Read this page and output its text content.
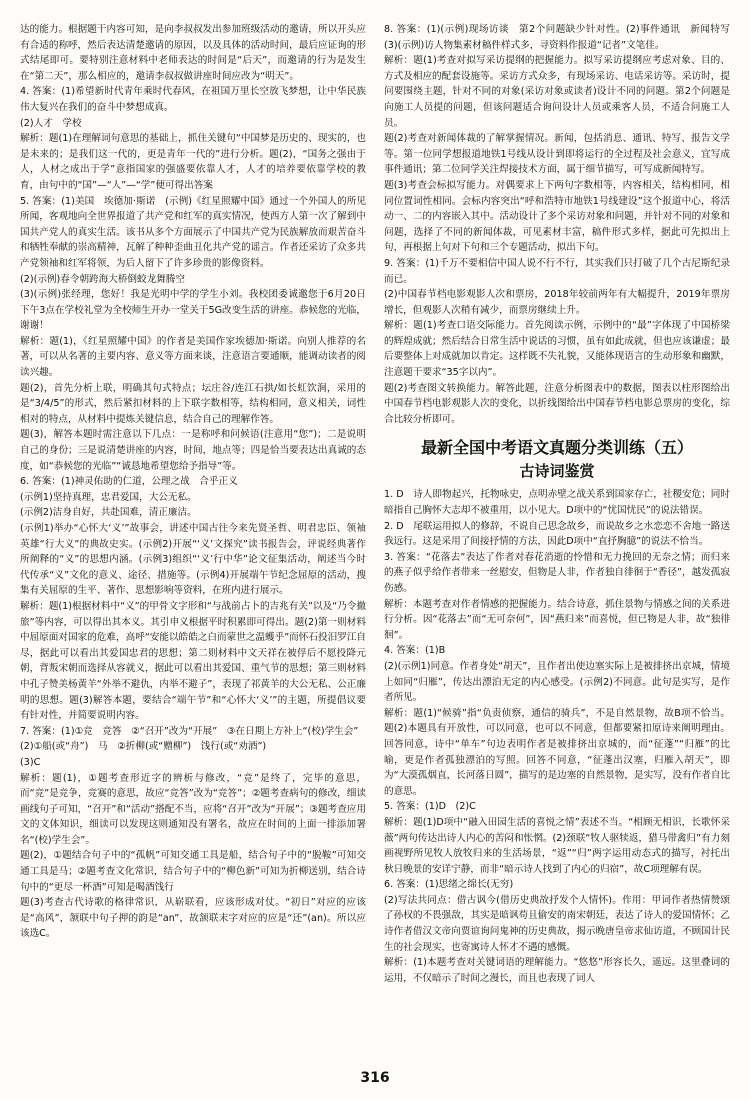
达的能力。根据题干内容可知，是向李叔叔发出参加班级活动的邀请，所以开头应有合适的称呼，然后表达清楚邀请的原因，以及具体的活动时间，最后应证询的形式结尾即可。要特别注意材料中老师表达的时间是“后天”，而邀请的行为是发生在“第二天”，那么相应的，邀请李叔叔做讲座时间应改为“明天”。

4. 答案：(1)希望新时代青年乘时代春风，在祖国万里长空放飞梦想，让中华民族伟大复兴在我们的奋斗中梦想成真。

(2)人才　学校

解析：题(1)在理解词句意思的基础上，抓住关键句“中国梦是历史的、现实的，也是未来的；是我们这一代的，更是青年一代的”进行分析。题(2)，“国务之强由于人，人材之成出于学”意指国家的强盛要依靠人才，人才的培养要依靠学校的教育，由句中的“国”—“人”—“学”便可得出答案

5. 答案：(1)美国　埃德加·斯诺　(示例)《红星照耀中国》通过一个外国人的所见所闻，客观地向全世界报道了共产党和红军的真实情况，使西方人第一次了解到中国共产党人的真实生活。该书从多个方面展示了中国共产党为民族解放而艰苦奋斗和牺牲奉献的崇高精神，瓦解了种种歪曲丑化共产党的谣言。作者还采访了众多共产党领袖和红军将领，为后人留下了许多珍贵的影像资料。

(2)(示例)春令朝跨海大桥倒蛟龙舞腾空

(3)(示例)张经理，您好！我是光明中学的学生小刘。我校团委诚邀您于6月20日下午3点在学校礼堂为全校师生开办一堂关于5G改变生活的讲座。恭候您的光临，谢谢！

解析：题(1)，《红星照耀中国》的作者是美国作家埃德加·斯诺。向别人推荐的名著，可以从名著的主要内容、意义等方面来谈，注意语言要通顺，能调动读者的阅读兴趣。

题(2)，首先分析上联，明确其句式特点；坛庄谷/连江石拱/如长虹饮涧，采用的是“3/4/5”的形式，然后紧扣材料的上下联字数相等，结构相同，意义相关，词性相对的特点，从材料中提炼关键信息，结合自己的理解作答。

题(3)，解答本题时需注意以下几点：一是称呼和问候语(注意用“您”)；二是说明自己的身份；三是说清楚讲座的内容，时间，地点等；四是恰当要表达出真诚的态度，如“恭候您的光临”“诚恳地希望您给予指导”等。

6. 答案：(1)神灵佑助的仁道，公理之战　合乎正义

(示例1)坚持真理，忠君爱国，大公无私。

(示例2)洁身自好，共赴国难，清正廉洁。

(示例1)举办“心怀大‘义’”故事会，讲述中国古往今来先贤圣哲、明君忠臣、领袖英雄“行大义”的典故史实。(示例2)开展“‘义’文探究”读书报告会，评说经典著作所阐释的“义”的思想内涵。(示例3)组织“‘义’行中华”论文征集活动，阐述当今时代传承“义”文化的意义、途径、措施等。(示例4)开展端午节纪念屈原的活动，搜集有关屈原的生平、著作、思想影响等资料，在班内进行展示。

解析：题(1)根据材料中“义”的甲骨文字形和“与战前占卜的吉兆有关”以及“乃令撤旅”等内容，可以得出其本义。其引申义根据平时积累即可得出。题(2)第一则材料中屈原面对国家的危难，高呼“安能以皓皓之白而蒙世之温蠖乎”而怀石投汨罗江自尽，据此可以看出其爱国忠君的思想；第二则材料中文天祥在被俘后不愿投降元朝，背叛宋朝而选择从容就义，据此可以看出其爱国、重气节的思想；第三则材料中孔子赞美杨黄羊“外举不避仇，内举不避子”，表现了祁黄羊的大公无私、公正廉明的思想。题(3)解答本题，要结合“端午节”和“心怀大‘义’”的主题，所提倡议要有针对性，并简要说明内容。

7. 答案：(1)①竞　竞答　②“召开”改为“开展”　③在日期上方补上“(校)学生会”

(2)①船(或“舟”)　马　②折柳(或“赠柳”)　饯行(或“劝酒”)

(3)C

解析：题(1)，①题考查形近字的辨析与修改，“竞”是终了，完毕的意思，而“竞”是竞争，竞赛的意思，故应“竞答”改为“竞答”；②题考查病句的修改，细读画线句子可知，“召开”和“活动”搭配不当，应将“召开”改为“开展”；③题考查应用文的文体知识，细读可以发现这则通知没有署名，故应在时间的上面一排添加署名“(校)学生会”。

题(2)，①题结合句子中的“孤帆”可知交通工具是船，结合句子中的“脱鞍”可知交通工具是马；②题考查文化常识，结合句子中的“柳色新”可知为折柳送别，结合诗句中的“更尽一杯酒”可知是喝酒饯行

题(3)考查古代诗歌的格律常识，从崭联看，应该形成对仗。“初日”对应的应该是“高风”，颔联中句子押的韵是“an”，故颔联末字对应的应是“还”(an)。所以应该选C。

8. 答案：(1)(示例)现场访谈　第2个问题缺少针对性。(2)事件通讯　新闻特写　(3)(示例)访人物集素材稿件样式多，寻资料作报道“记者”文笔佳。

解析：题(1)考查对拟写采访提纲的把握能力。拟写采访提纲应考虑对象、目的、方式及相应的配套设施等。采访方式众多，有现场采访、电话采访等。采访时，提问要围绕主题，针对不同的对象(采访对象或读者)设计不同的问题。第2个问题是向施工人员提的问题，但该问题适合询问设计人员或乘客人员，不适合问施工人员。

题(2)考查对新闻体裁的了解掌握情况。新闻，包括消息、通讯、特写、报告文学等。第一位同学想报道地铁1号线从设计到即将运行的全过程及社会意义，宜写成事件通讯；第二位同学关注焊接技术方面，属于细节描写，可写成新闻特写。

题(3)考查会标拟写能力。对偶要求上下两句字数相等，内容相关，结构相同，相同位置词性相同。会标内容突出“呼和浩特市地铁1号线建设”这个报道中心，将活动一、二的内容嵌入其中。活动设计了多个采访对象和问题，并针对不同的对象和问题，选择了不同的新闻体裁，可见素材丰富，稿件形式多样，据此可先拟出上句，再根据上句对下句和三个专题活动，拟出下句。

9. 答案：(1)千万不要相信中国人说不行不行，其实我们只打破了几个古尼斯纪录而已。

(2)中国春节档电影观影人次和票房，2018年较前两年有大幅提升，2019年票房增长，但观影人次稍有减少，而票房继续上升。

解析：题(1)考查口语交际能力。首先阅读示例，示例中的“最”字体现了中国桥梁的辉煌成就；然后结合日常生活中说话的习惯，虽有如此成就，但也应该谦虚；最后要整体上对成就加以肯定。这样既不失礼貌，又能体现语言的生动形象和幽默，注意题干要求“35字以内”。

题(2)考查图文转换能力。解答此题，注意分析图表中的数据，图表以柱形图给出中国春节档电影观影人次的变化，以折线图给出中国春节档电影总票房的变化，综合比较分析即可。

最新全国中考语文真题分类训练（五）
古诗词鉴赏

1. D　诗人即物起兴，托物咏史，点明赤壁之战关系到国家存亡，社稷安危；同时暗指自己胸怀大志却不被重用，以小见大。D项中的“忧国忧民”的说法错误。

2. D　尾联运用拟人的修辞，不说自己思念故乡，而说故乡之水恋恋不舍地一路送我远行。这是采用了间接抒情的方法，因此D项中“直抒胸臆”的说法不恰当。

3. 答案：“花落去”表达了作者对春花消逝的怜惜和无力挽回的无奈之情；而归来的燕子似乎给作者带来一丝慰安，但物是人非，作者独自徘徊于“香径”，越发孤寂伤感。

解析：本题考查对作者情感的把握能力。结合诗意，抓住景物与情感之间的关系进行分析。因“花落去”而“无可奈何”，因“燕归来”而喜悦，但已物是人非，故“独徘徊”。

4. 答案：(1)B

(2)(示例1)同意。作者身处“胡天”，且作者出使边塞实际上是被排挤出京城，情境上如同“归雁”，传达出漂泊无定的内心感受。(示例2)不同意。此句是实写，是作者所见。

解析：题(1)“候骑”指“负责侦察，通信的骑兵”，不是自然景物，故B项不恰当。题(2)本题具有开放性，可以同意，也可以不同意，但都要紧扣原诗来阐明理由。回答同意，诗中“单车”句边表明作者是被排挤出京城的，而“征蓬”“归雁”的比喻，更是作者孤独漂泊的写照。回答不同意，“征蓬出汉塞，归雁入胡天”，即为“大漠孤烟直，长河落日圆”，描写的是边塞的自然景物，是实写，没有作者自比的意思。

5. 答案：(1)D　(2)C

解析：题(1)D项中“融入田园生活的喜悦之情”表述不当。“相顾无相识，长歌怀采薇”两句传达出诗人内心的苦闷和怅惘。(2)颈联“牧人驱犊返，猎马带禽归”有力刻画视野所见牧人放牧归来的生活场景，“返”“归”两字运用动态式的描写，衬托出秋日晚景的安详宁静，而非“暗示诗人找到了内心的归宿”，故C项理解有误。

6. 答案：(1)思绪之绵长(无穷)

(2)写法共同点：借古讽今(借历史典故抒发个人情怀)。作用：甲词作者热情赞颂了孙权的不畏强敌，其实是暗讽苟且偷安的南宋朝廷，表达了诗人的爱国情怀；乙诗作者借汉文帝向贾谊询问鬼神的历史典故，揭示晚唐皇帝求仙访道，不顾国计民生的社会现实，也寄寓诗人怀才不遇的感慨。

解析：(1)本题考查对关键词语的理解能力。“悠悠”形容长久，遥远。这里叠词的运用，不仅暗示了时间之漫长，而且也表现了词人

316
